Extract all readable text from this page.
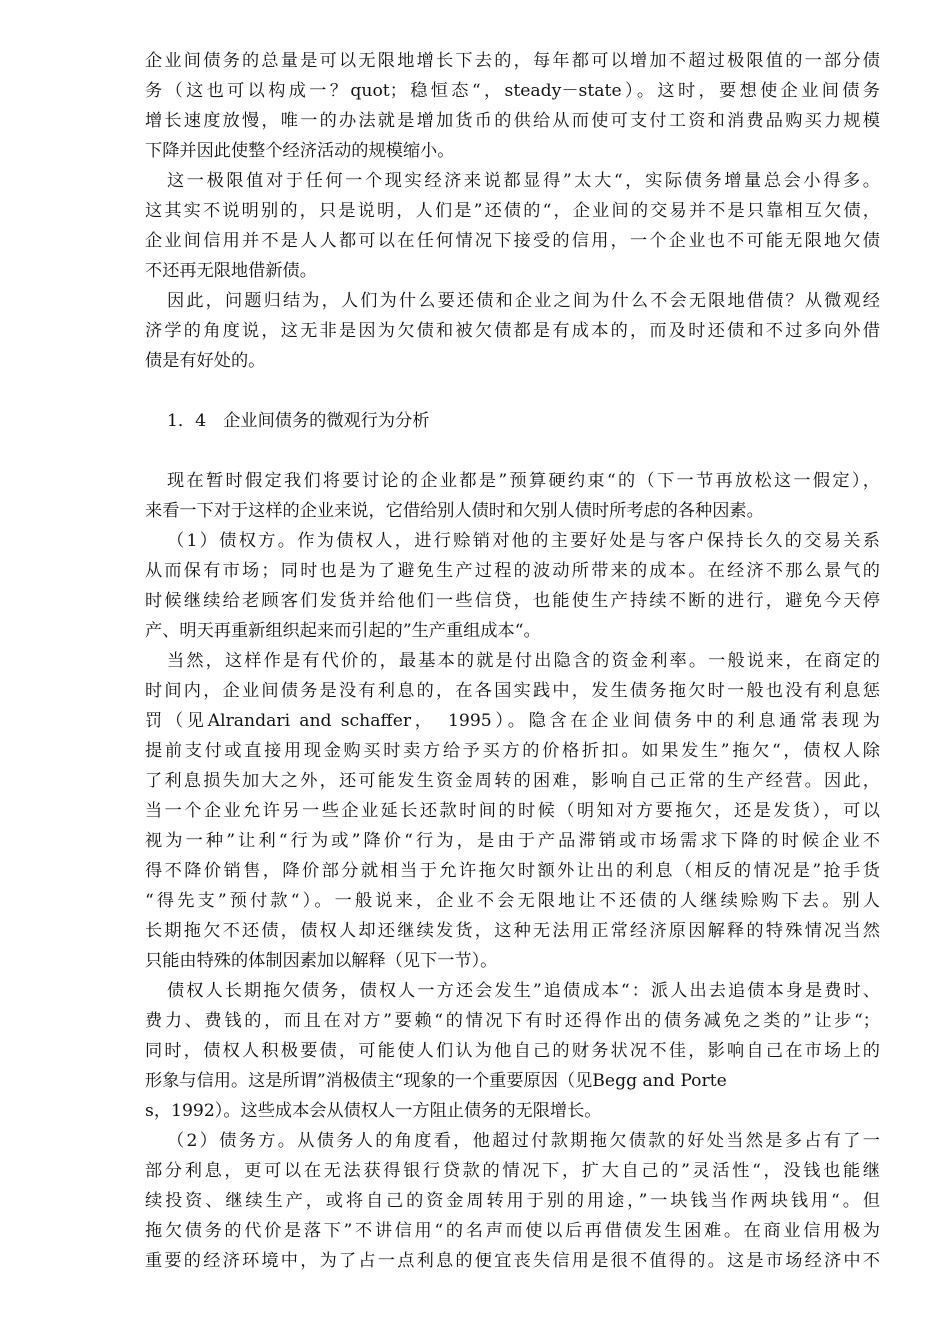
企业间债务的总量是可以无限地增长下去的，每年都可以增加不超过极限值的一部分债
务（这也可以构成一？quot；稳恒态“，steady－state）。这时，要想使企业间债务
增长速度放慢，唯一的办法就是增加货币的供给从而使可支付工资和消费品购买力规模
下降并因此使整个经济活动的规模缩小。
这一极限值对于任何一个现实经济来说都显得”太大“，实际债务增量总会小得多。
这其实不说明别的，只是说明，人们是”还债的“，企业间的交易并不是只靠相互欠债，
企业间信用并不是人人都可以在任何情况下接受的信用，一个企业也不可能无限地欠债
不还再无限地借新债。
因此，问题归结为，人们为什么要还债和企业之间为什么不会无限地借债？从微观经
济学的角度说，这无非是因为欠债和被欠债都是有成本的，而及时还债和不过多向外借
债是有好处的。
1．4　企业间债务的微观行为分析
现在暂时假定我们将要讨论的企业都是”预算硬约束“的（下一节再放松这一假定），
来看一下对于这样的企业来说，它借给别人债时和欠别人债时所考虑的各种因素。
（1）债权方。作为债权人，进行赊销对他的主要好处是与客户保持长久的交易关系
从而保有市场；同时也是为了避免生产过程的波动所带来的成本。在经济不那么景气的
时候继续给老顾客们发货并给他们一些信贷，也能使生产持续不断的进行，避免今天停
产、明天再重新组织起来而引起的”生产重组成本“。
当然，这样作是有代价的，最基本的就是付出隐含的资金利率。一般说来，在商定的
时间内，企业间债务是没有利息的，在各国实践中，发生债务拖欠时一般也没有利息惩
罚（见Alrandari and schaffer，　1995）。隐含在企业间债务中的利息通常表现为
提前支付或直接用现金购买时卖方给予买方的价格折扣。如果发生”拖欠“，债权人除
了利息损失加大之外，还可能发生资金周转的困难，影响自己正常的生产经营。因此，
当一个企业允许另一些企业延长还款时间的时候（明知对方要拖欠，还是发货），可以
视为一种”让利“行为或”降价“行为，是由于产品滞销或市场需求下降的时候企业不
得不降价销售，降价部分就相当于允许拖欠时额外让出的利息（相反的情况是”抢手货
“得先支”预付款“）。一般说来，企业不会无限地让不还债的人继续赊购下去。别人
长期拖欠不还债，债权人却还继续发货，这种无法用正常经济原因解释的特殊情况当然
只能由特殊的体制因素加以解释（见下一节）。
债权人长期拖欠债务，债权人一方还会发生”追债成本“：派人出去追债本身是费时、
费力、费钱的，而且在对方”要赖“的情况下有时还得作出的债务减免之类的”让步“；
同时，债权人积极要债，可能使人们认为他自己的财务状况不佳，影响自己在市场上的
形象与信用。这是所谓”消极债主“现象的一个重要原因（见Begg and Porte
s，1992）。这些成本会从债权人一方阻止债务的无限增长。
（2）债务方。从债务人的角度看，他超过付款期拖欠债款的好处当然是多占有了一
部分利息，更可以在无法获得银行贷款的情况下，扩大自己的”灵活性“，没钱也能继
续投资、继续生产，或将自己的资金周转用于别的用途，”一块钱当作两块钱用“。但
拖欠债务的代价是落下”不讲信用“的名声而使以后再借债发生困难。在商业信用极为
重要的经济环境中，为了占一点利息的便宜丧失信用是很不值得的。这是市场经济中不
